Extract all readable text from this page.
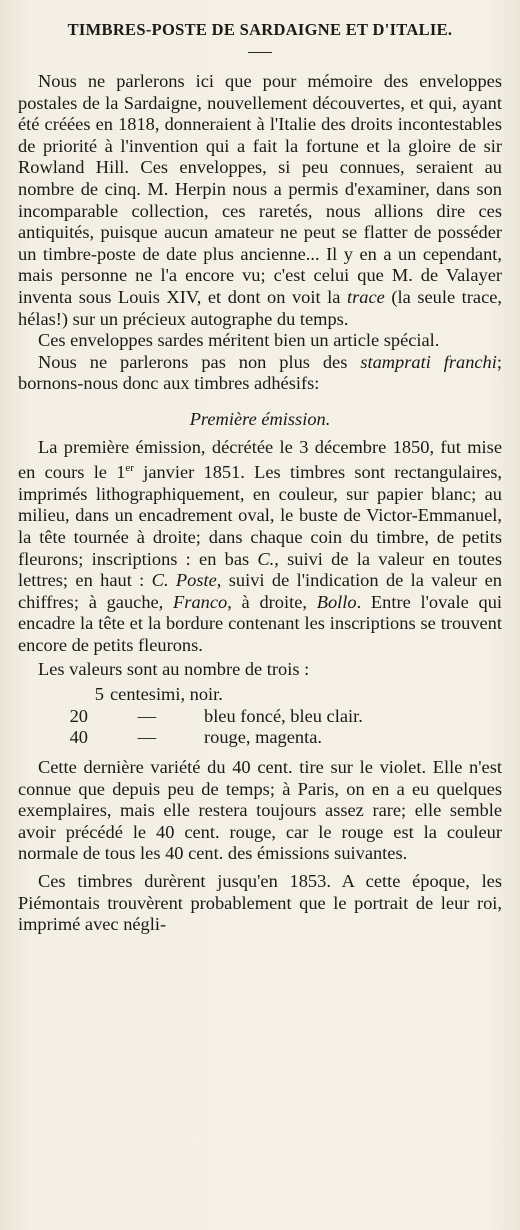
TIMBRES-POSTE DE SARDAIGNE ET D'ITALIE.

Nous ne parlerons ici que pour mémoire des enveloppes postales de la Sardaigne, nouvellement découvertes, et qui, ayant été créées en 1818, donneraient à l'Italie des droits incontestables de priorité à l'invention qui a fait la fortune et la gloire de sir Rowland Hill. Ces enveloppes, si peu connues, seraient au nombre de cinq. M. Herpin nous a permis d'examiner, dans son incomparable collection, ces raretés, nous allions dire ces antiquités, puisque aucun amateur ne peut se flatter de posséder un timbre-poste de date plus ancienne... Il y en a un cependant, mais personne ne l'a encore vu; c'est celui que M. de Valayer inventa sous Louis XIV, et dont on voit la trace (la seule trace, hélas!) sur un précieux autographe du temps.

Ces enveloppes sardes méritent bien un article spécial.

Nous ne parlerons pas non plus des stamprati franchi; bornons-nous donc aux timbres adhésifs:

Première émission.

La première émission, décrétée le 3 décembre 1850, fut mise en cours le 1er janvier 1851. Les timbres sont rectangulaires, imprimés lithographiquement, en couleur, sur papier blanc; au milieu, dans un encadrement oval, le buste de Victor-Emmanuel, la tête tournée à droite; dans chaque coin du timbre, de petits fleurons; inscriptions : en bas C., suivi de la valeur en toutes lettres; en haut : C. Poste, suivi de l'indication de la valeur en chiffres; à gauche, Franco, à droite, Bollo. Entre l'ovale qui encadre la tête et la bordure contenant les inscriptions se trouvent encore de petits fleurons.

Les valeurs sont au nombre de trois :

5 centesimi, noir.
20	—	bleu foncé, bleu clair.
40	—	rouge, magenta.

Cette dernière variété du 40 cent. tire sur le violet. Elle n'est connue que depuis peu de temps; à Paris, on en a eu quelques exemplaires, mais elle restera toujours assez rare; elle semble avoir précédé le 40 cent. rouge, car le rouge est la couleur normale de tous les 40 cent. des émissions suivantes.

Ces timbres durèrent jusqu'en 1853. A cette époque, les Piémontais trouvèrent probablement que le portrait de leur roi, imprimé avec négli-
